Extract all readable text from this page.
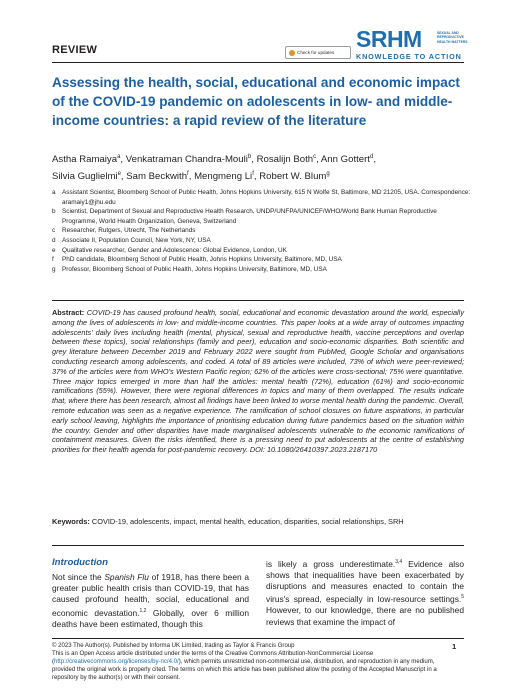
REVIEW	Check for updates
SRHM	SEXUAL AND REPRODUCTIVE HEALTH MATTERS
KNOWLEDGE TO ACTION
Assessing the health, social, educational and economic impact of the COVID-19 pandemic on adolescents in low- and middle-income countries: a rapid review of the literature
Astha Ramaiya$^a$, Venkatraman Chandra-Mouli$^b$, Rosalijn Both$^c$, Ann Gottert$^d$,
Silvia Guglielmi$^e$, Sam Beckwith$^f$, Mengmeng Li$^f$, Robert W. Blum$^g$
a	Assistant Scientist, Bloomberg School of Public Health, Johns Hopkins University, 615 N Wolfe St, Baltimore, MD 21205, USA. Correspondence: aramaiy1@jhu.edu
b	Scientist, Department of Sexual and Reproductive Health Research, UNDP/UNFPA/UNICEF/WHO/World Bank Human Reproductive Programme, World Health Organization, Geneva, Switzerland
c	Researcher, Rutgers, Utrecht, The Netherlands
d	Associate II, Population Council, New York, NY, USA
e	Qualitative researcher, Gender and Adolescence: Global Evidence, London, UK
f	PhD candidate, Bloomberg School of Public Health, Johns Hopkins University, Baltimore, MD, USA
g	Professor, Bloomberg School of Public Health, Johns Hopkins University, Baltimore, MD, USA
Abstract: COVID-19 has caused profound health, social, educational and economic devastation around the world, especially among the lives of adolescents in low- and middle-income countries. This paper looks at a wide array of outcomes impacting adolescents' daily lives including health (mental, physical, sexual and reproductive health, vaccine perceptions and overlap between these topics), social relationships (family and peer), education and socio-economic disparities. Both scientific and grey literature between December 2019 and February 2022 were sought from PubMed, Google Scholar and organisations conducting research among adolescents, and coded. A total of 89 articles were included, 73% of which were peer-reviewed; 37% of the articles were from WHO's Western Pacific region; 62% of the articles were cross-sectional; 75% were quantitative. Three major topics emerged in more than half the articles: mental health (72%), education (61%) and socio-economic ramifications (55%). However, there were regional differences in topics and many of them overlapped. The results indicate that, where there has been research, almost all findings have been linked to worse mental health during the pandemic. Overall, remote education was seen as a negative experience. The ramification of school closures on future aspirations, in particular early school leaving, highlights the importance of prioritising education during future pandemics based on the situation within the country. Gender and other disparities have made marginalised adolescents vulnerable to the economic ramifications of containment measures. Given the risks identified, there is a pressing need to put adolescents at the centre of establishing priorities for their health agenda for post-pandemic recovery. DOI: 10.1080/26410397.2023.2187170
Keywords: COVID-19, adolescents, impact, mental health, education, disparities, social relationships, SRH
Introduction
Not since the Spanish Flu of 1918, has there been a greater public health crisis than COVID-19, that has caused profound health, social, educational and economic devastation.$^{1,2}$ Globally, over 6 million deaths have been estimated, though this
is likely a gross underestimate.$^{3,4}$ Evidence also shows that inequalities have been exacerbated by disruptions and measures enacted to contain the virus's spread, especially in low-resource settings.$^5$ However, to our knowledge, there are no published reviews that examine the impact of
© 2023 The Author(s). Published by Informa UK Limited, trading as Taylor & Francis Group
This is an Open Access article distributed under the terms of the Creative Commons Attribution-NonCommercial License (http://creativecommons.org/licenses/by-nc/4.0/), which permits unrestricted non-commercial use, distribution, and reproduction in any medium, provided the original work is properly cited. The terms on which this article has been published allow the posting of the Accepted Manuscript in a repository by the author(s) or with their consent.
1
